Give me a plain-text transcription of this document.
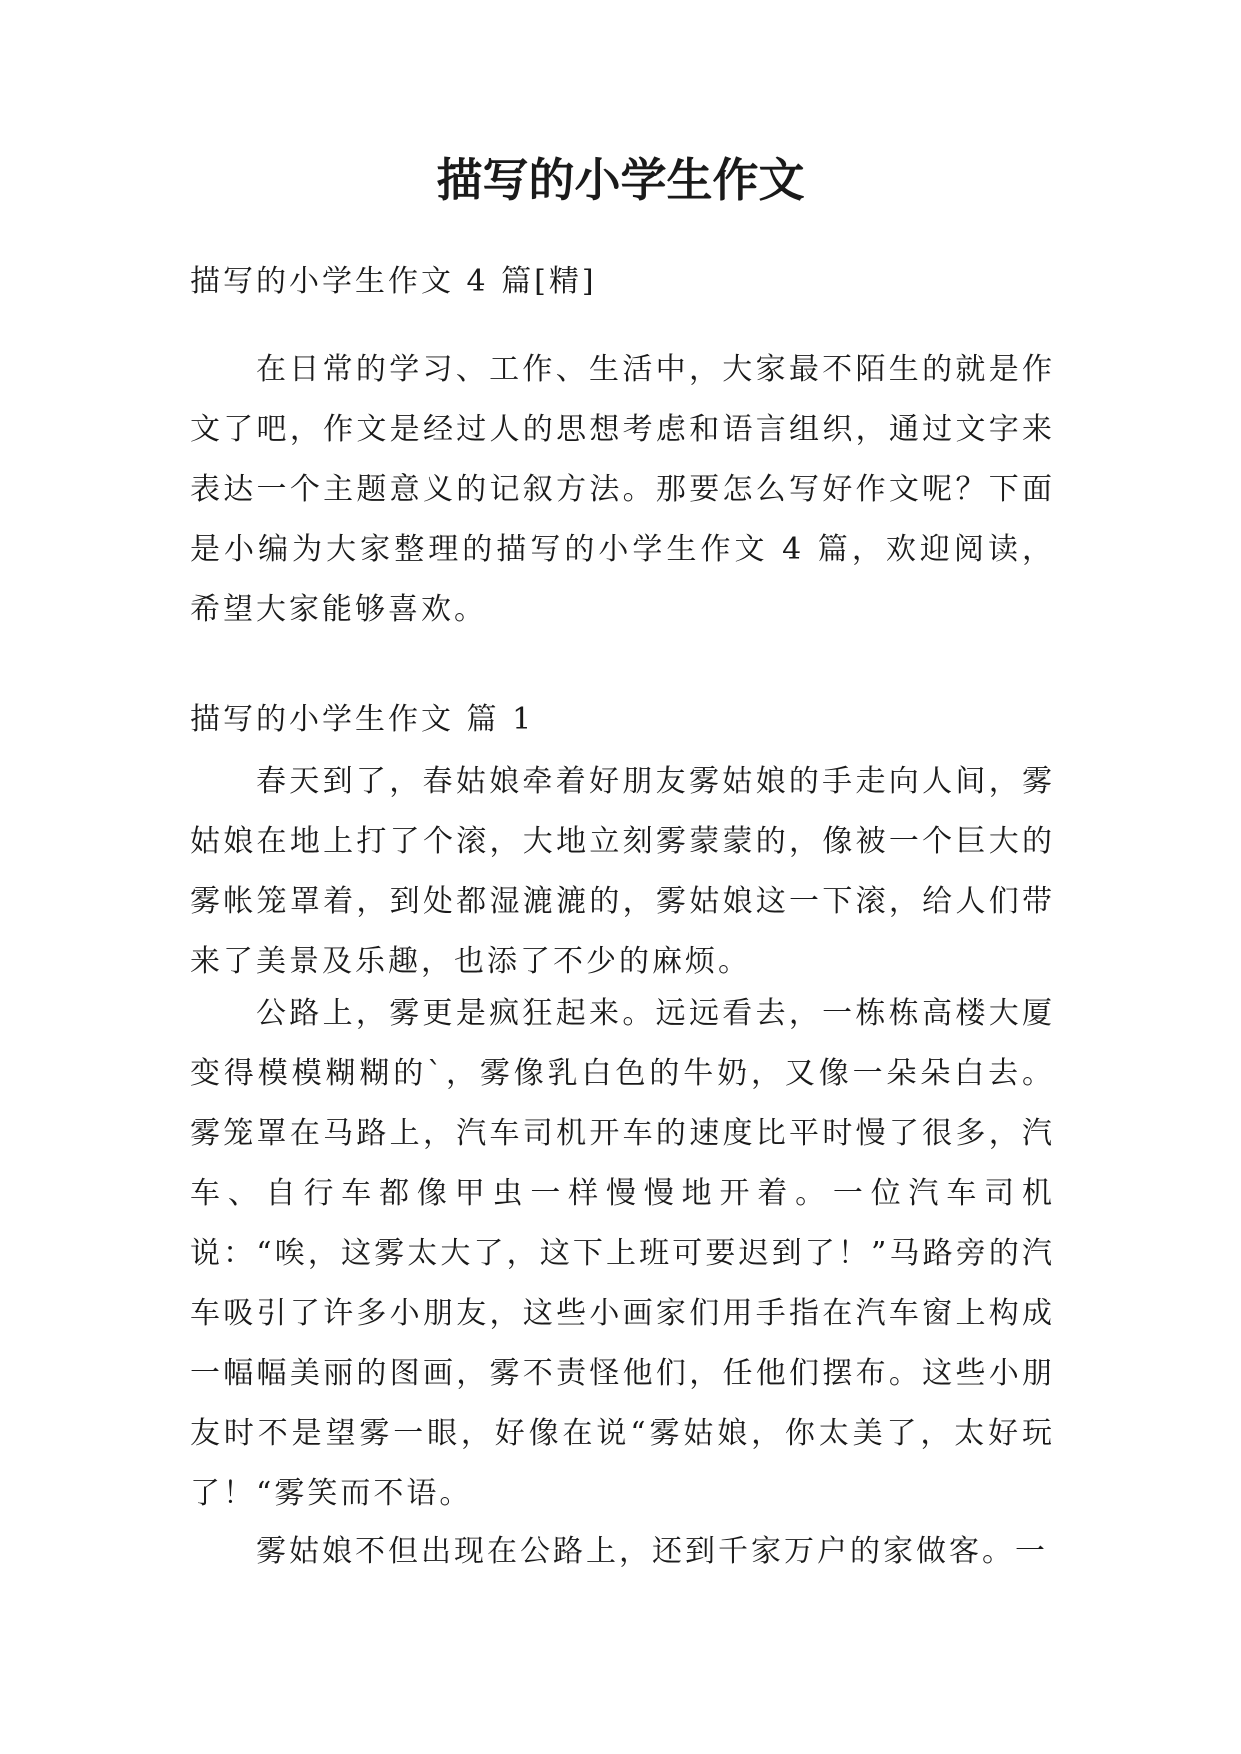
描写的小学生作文

描写的小学生作文 4 篇[精]

在日常的学习、工作、生活中，大家最不陌生的就是作文了吧，作文是经过人的思想考虑和语言组织，通过文字来表达一个主题意义的记叙方法。那要怎么写好作文呢？下面是小编为大家整理的描写的小学生作文 4 篇，欢迎阅读，希望大家能够喜欢。

描写的小学生作文 篇 1

春天到了，春姑娘牵着好朋友雾姑娘的手走向人间，雾姑娘在地上打了个滚，大地立刻雾蒙蒙的，像被一个巨大的雾帐笼罩着，到处都湿漉漉的，雾姑娘这一下滚，给人们带来了美景及乐趣，也添了不少的麻烦。

公路上，雾更是疯狂起来。远远看去，一栋栋高楼大厦变得模模糊糊的`，雾像乳白色的牛奶，又像一朵朵白去。雾笼罩在马路上，汽车司机开车的速度比平时慢了很多，汽车、自行车都像甲虫一样慢慢地开着。一位汽车司机说：“唉，这雾太大了，这下上班可要迟到了！”马路旁的汽车吸引了许多小朋友，这些小画家们用手指在汽车窗上构成一幅幅美丽的图画，雾不责怪他们，任他们摆布。这些小朋友时不是望雾一眼，好像在说“雾姑娘，你太美了，太好玩了！“雾笑而不语。

雾姑娘不但出现在公路上，还到千家万户的家做客。一
